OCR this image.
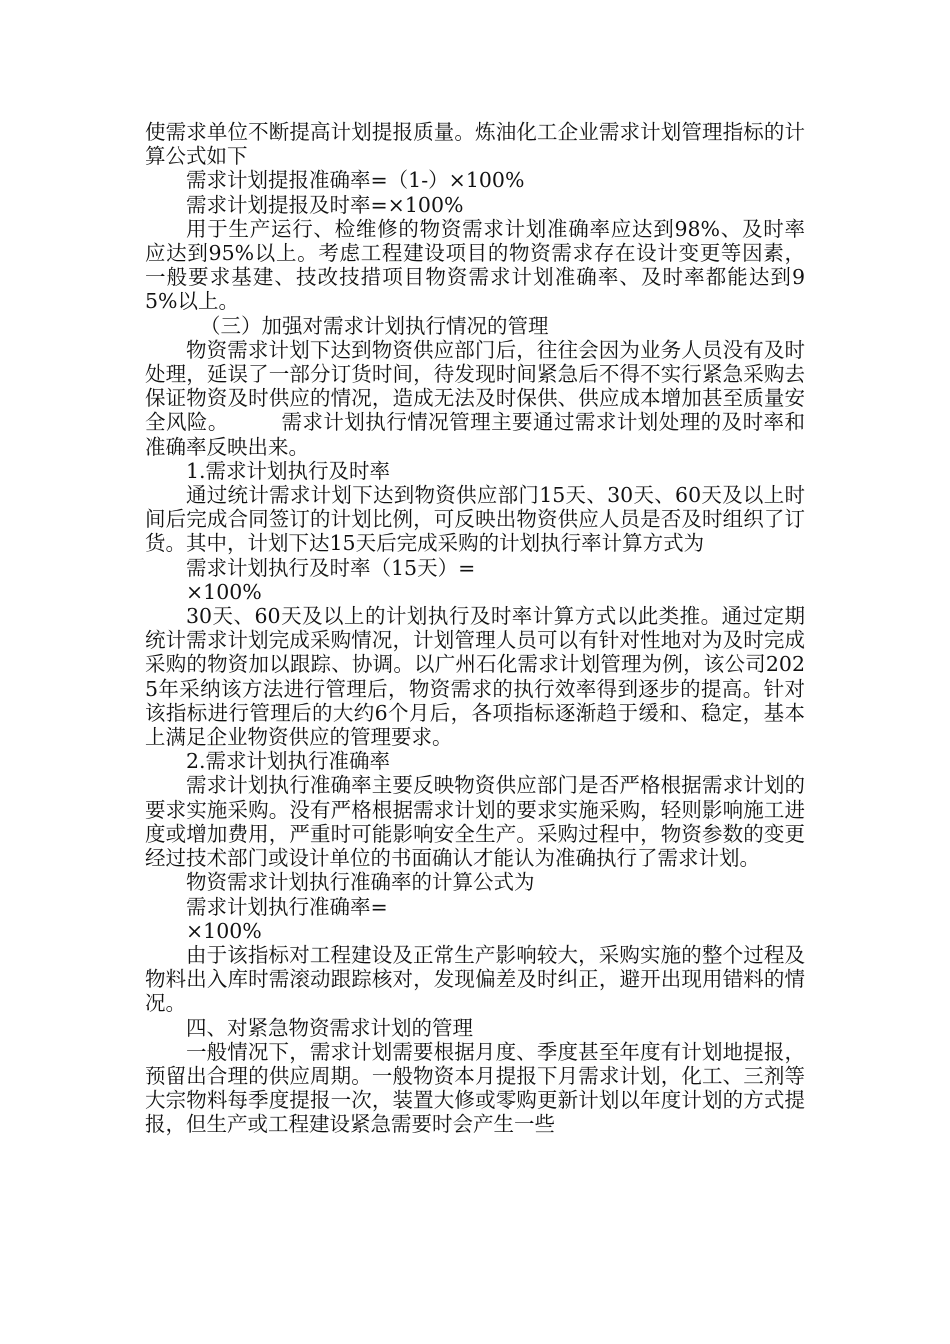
使需求单位不断提高计划提报质量。炼油化工企业需求计划管理指标的计算公式如下

需求计划提报准确率=（1-）×100%

需求计划提报及时率=×100%

用于生产运行、检维修的物资需求计划准确率应达到98%、及时率应达到95%以上。考虑工程建设项目的物资需求存在设计变更等因素，一般要求基建、技改技措项目物资需求计划准确率、及时率都能达到95%以上。

（三）加强对需求计划执行情况的管理

物资需求计划下达到物资供应部门后，往往会因为业务人员没有及时处理，延误了一部分订货时间，待发现时间紧急后不得不实行紧急采购去保证物资及时供应的情况，造成无法及时保供、供应成本增加甚至质量安全风险。　　　需求计划执行情况管理主要通过需求计划处理的及时率和准确率反映出来。

1.需求计划执行及时率

通过统计需求计划下达到物资供应部门15天、30天、60天及以上时间后完成合同签订的计划比例，可反映出物资供应人员是否及时组织了订货。其中，计划下达15天后完成采购的计划执行率计算方式为

需求计划执行及时率（15天）=

×100%

30天、60天及以上的计划执行及时率计算方式以此类推。通过定期统计需求计划完成采购情况，计划管理人员可以有针对性地对为及时完成采购的物资加以跟踪、协调。以广州石化需求计划管理为例，该公司2025年采纳该方法进行管理后，物资需求的执行效率得到逐步的提高。针对该指标进行管理后的大约6个月后，各项指标逐渐趋于缓和、稳定，基本上满足企业物资供应的管理要求。

2.需求计划执行准确率

需求计划执行准确率主要反映物资供应部门是否严格根据需求计划的要求实施采购。没有严格根据需求计划的要求实施采购，轻则影响施工进度或增加费用，严重时可能影响安全生产。采购过程中，物资参数的变更经过技术部门或设计单位的书面确认才能认为准确执行了需求计划。

物资需求计划执行准确率的计算公式为

需求计划执行准确率=

×100%

由于该指标对工程建设及正常生产影响较大，采购实施的整个过程及物料出入库时需滚动跟踪核对，发现偏差及时纠正，避开出现用错料的情况。

四、对紧急物资需求计划的管理

一般情况下，需求计划需要根据月度、季度甚至年度有计划地提报，预留出合理的供应周期。一般物资本月提报下月需求计划，化工、三剂等大宗物料每季度提报一次，装置大修或零购更新计划以年度计划的方式提报，但生产或工程建设紧急需要时会产生一些
